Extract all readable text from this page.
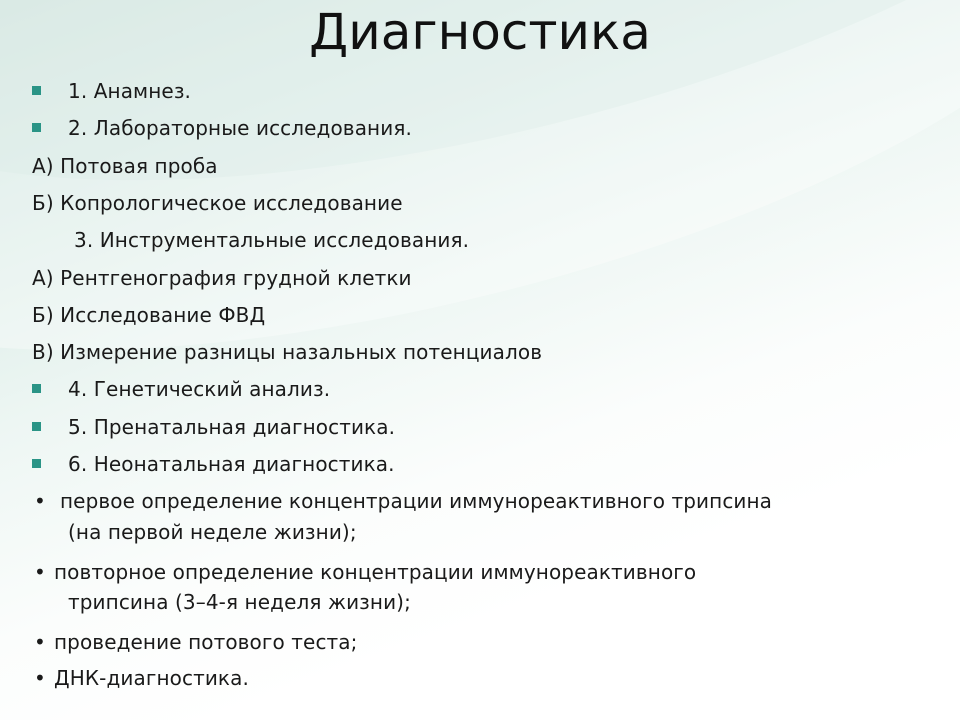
Диагностика
1. Анамнез.
2. Лабораторные исследования.
А) Потовая проба
Б) Копрологическое исследование
3. Инструментальные исследования.
А) Рентгенография грудной клетки
Б) Исследование ФВД
В) Измерение разницы назальных потенциалов
4. Генетический анализ.
5. Пренатальная диагностика.
6. Неонатальная диагностика.
• первое определение концентрации иммунореактивного трипсина
(на первой неделе жизни);
• повторное определение концентрации иммунореактивного
трипсина (3–4-я неделя жизни);
• проведение потового теста;
• ДНК-диагностика.
